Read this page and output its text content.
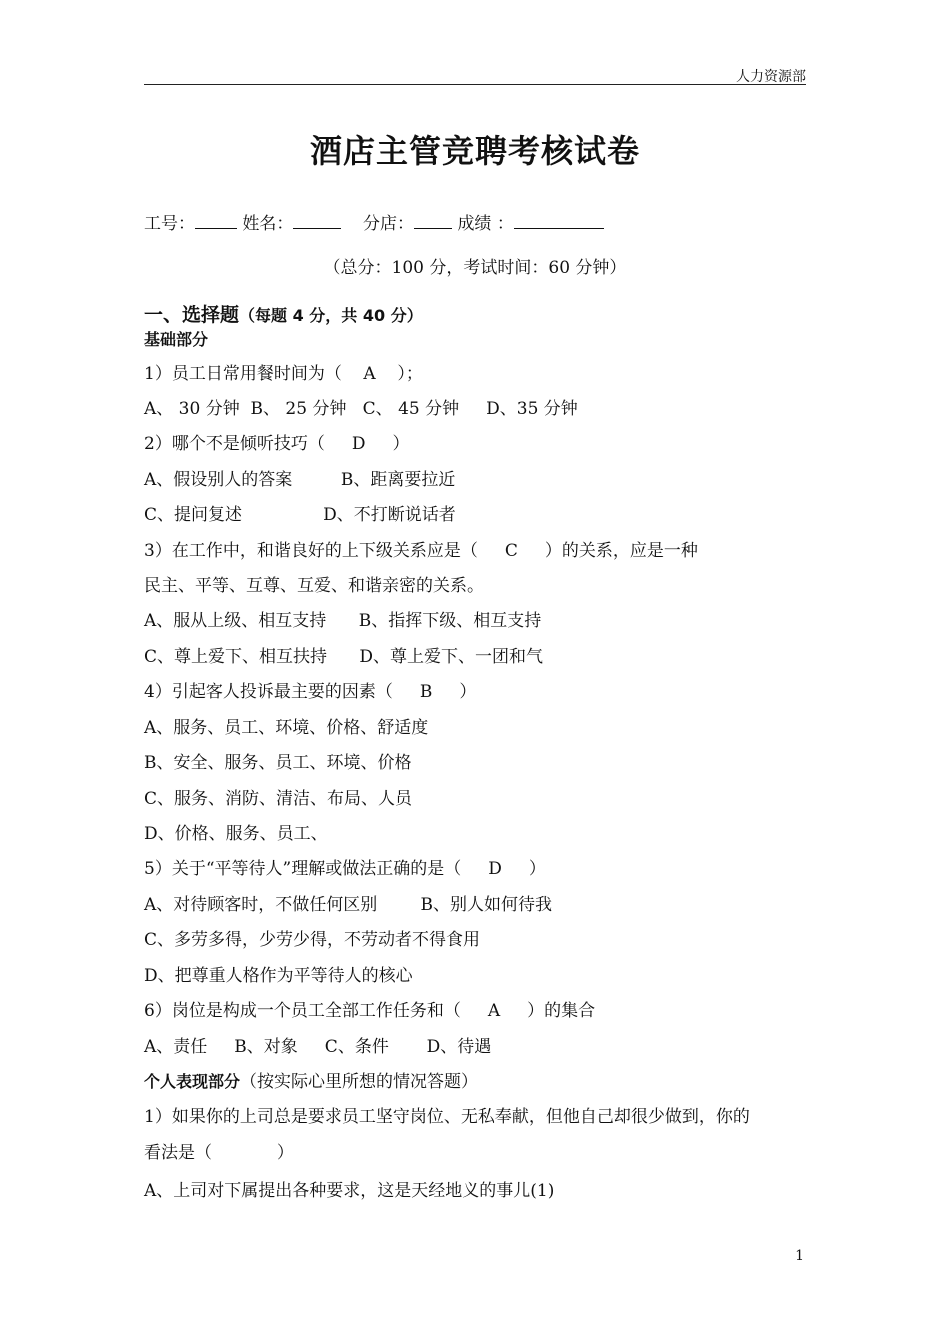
人力资源部
酒店主管竞聘考核试卷
工号：	姓名：	分店：	成绩 ：
（总分：100 分，考试时间：60 分钟）
一、选择题（每题 4 分，共 40 分）
基础部分
1）员工日常用餐时间为（    A    ）；
A、 30 分钟  B、 25 分钟   C、 45 分钟     D、35 分钟
2）哪个不是倾听技巧（     D     ）
A、假设别人的答案         B、距离要拉近
C、提问复述               D、不打断说话者
3）在工作中，和谐良好的上下级关系应是（     C     ）的关系，应是一种
民主、平等、互尊、互爱、和谐亲密的关系。
A、服从上级、相互支持      B、指挥下级、相互支持
C、尊上爱下、相互扶持      D、尊上爱下、一团和气
4）引起客人投诉最主要的因素（     B     ）
A、服务、员工、环境、价格、舒适度
B、安全、服务、员工、环境、价格
C、服务、消防、清洁、布局、人员
D、价格、服务、员工、
5）关于“平等待人”理解或做法正确的是（     D     ）
A、对待顾客时，不做任何区别        B、别人如何待我
C、多劳多得，少劳少得，不劳动者不得食用
D、把尊重人格作为平等待人的核心
6）岗位是构成一个员工全部工作任务和（     A     ）的集合
A、责任     B、对象     C、条件       D、待遇
个人表现部分（按实际心里所想的情况答题）
1）如果你的上司总是要求员工坚守岗位、无私奉献，但他自己却很少做到，你的
看法是（            ）
A、上司对下属提出各种要求，这是天经地义的事儿(1)
1
